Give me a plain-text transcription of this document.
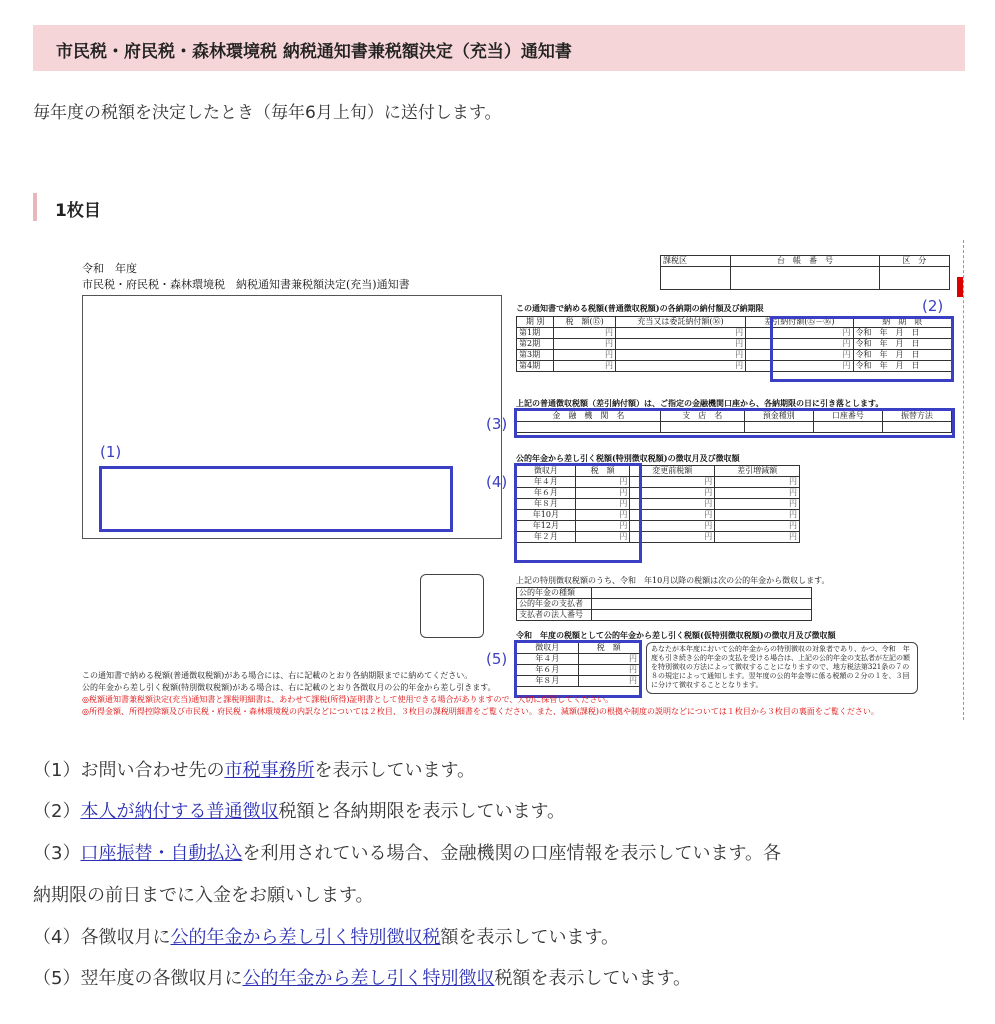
市民税・府民税・森林環境税 納税通知書兼税額決定（充当）通知書
毎年度の税額を決定したとき（毎年6月上旬）に送付します。
1枚目
令和　年度
市民税・府民税・森林環境税　納税通知書兼税額決定(充当)通知書
(1)
課税区	台　帳　番　号	区　分

この通知書で納める税額(普通徴収税額)の各納期の納付額及び納期限
期 別	税　額(⑮)	充当又は委託納付額(⑯)	差引納付額(⑮－⑯)	納　期　限
第1期	円	円	円	令和　年　月　日
第2期	円	円	円	令和　年　月　日
第3期	円	円	円	令和　年　月　日
第4期	円	円	円	令和　年　月　日
(2)
上記の普通徴収税額（差引納付額）は、ご指定の金融機関口座から、各納期限の日に引き落とします。
金　融　機　関　名	支　店　名	預金種別	口座番号	振替方法

(3)
公的年金から差し引く税額(特別徴収税額)の徴収月及び徴収額
徴収月	税　額	変更前税額	差引増減額
年４月	円	円	円
年６月	円	円	円
年８月	円	円	円
年10月	円	円	円
年12月	円	円	円
年２月	円	円	円
(4)
上記の特別徴収税額のうち、令和　年10月以降の税額は次の公的年金から徴収します。
公的年金の種類	
公的年金の支払者	
支払者の法人番号	
令和　年度の税額として公的年金から差し引く税額(仮特別徴収税額)の徴収月及び徴収額
徴収月	税　額
年４月	円
年６月	円
年８月	円
(5)
あなたが本年度において公的年金からの特別徴収の対象者であり、かつ、令和　年度も引き続き公的年金の支払を受ける場合は、上記の公的年金の支払者が左記の額を特別徴収の方法によって徴収することになりますので、地方税法第321条の７の８の規定によって通知します。翌年度の公的年金等に係る税額の２分の１を、３回に分けて徴収することとなります。
この通知書で納める税額(普通徴収税額)がある場合には、右に記載のとおり各納期限までに納めてください。
公的年金から差し引く税額(特別徴収税額)がある場合は、右に記載のとおり各徴収月の公的年金から差し引きます。
◎税額通知書兼税額決定(充当)通知書と課税明細書は、あわせて課税(所得)証明書として使用できる場合がありますので、大切に保管してください。
◎所得金額、所得控除額及び市民税・府民税・森林環境税の内訳などについては２枚目、３枚目の課税明細書をご覧ください。また、減額(課税)の根拠や制度の説明などについては１枚目から３枚目の裏面をご覧ください。
（1）お問い合わせ先の市税事務所を表示しています。
（2）本人が納付する普通徴収税額と各納期限を表示しています。
（3）口座振替・自動払込を利用されている場合、金融機関の口座情報を表示しています。各
納期限の前日までに入金をお願いします。
（4）各徴収月に公的年金から差し引く特別徴収税額を表示しています。
（5）翌年度の各徴収月に公的年金から差し引く特別徴収税額を表示しています。
